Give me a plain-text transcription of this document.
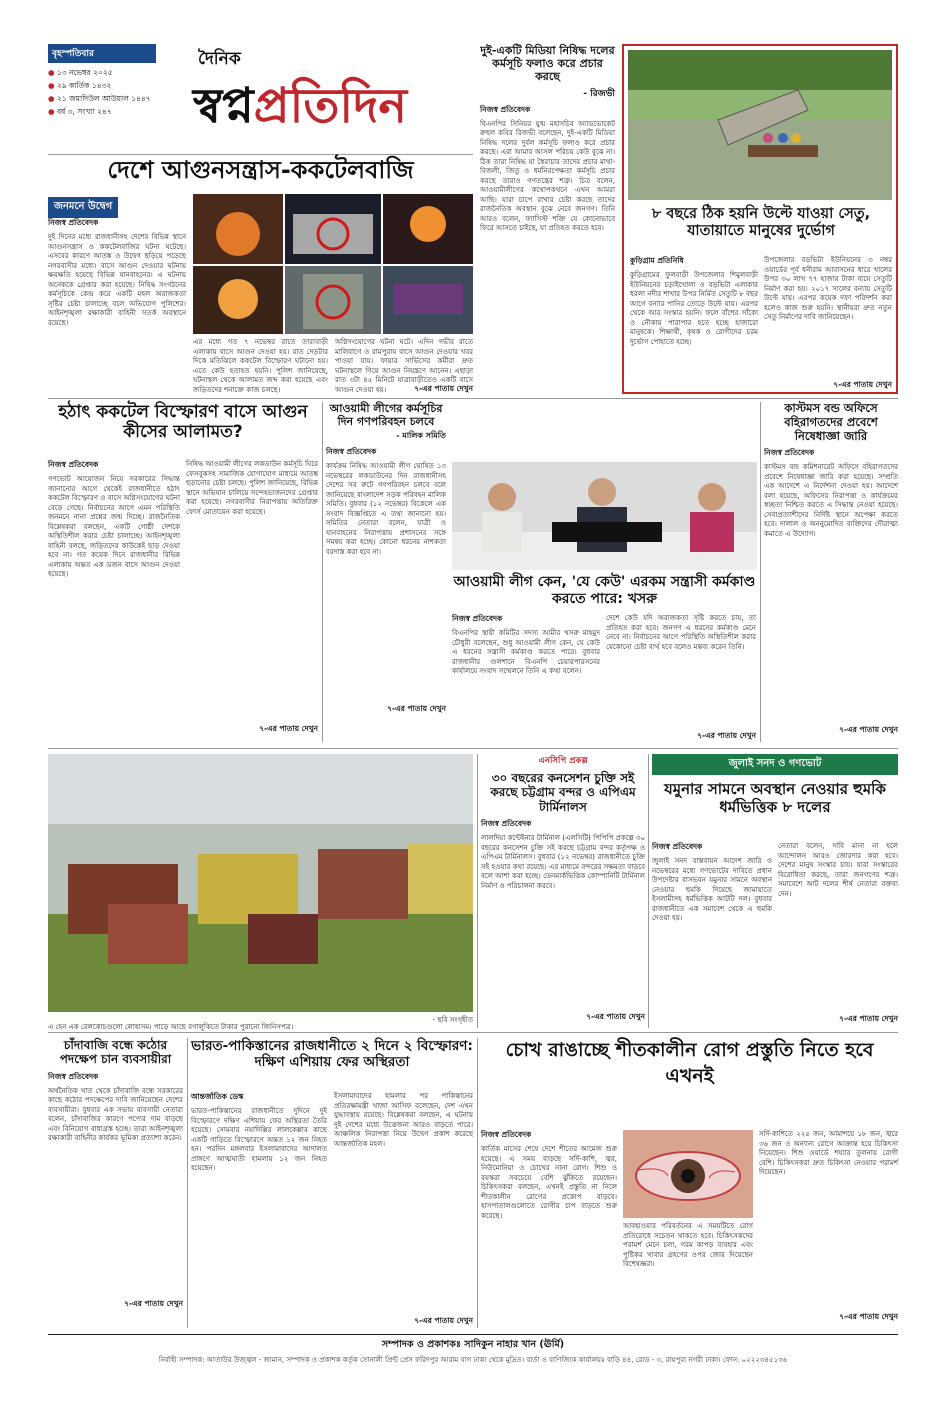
বৃহস্পতিবার
● ১৩ নভেম্বর ২০২৫
● ২৯ কার্তিক ১৪৩২
● ২১ জমাদিউল আউয়াল ১৪৪৭
● বর্ষ ৩, সংখ্যা ২৪৭
দৈনিক
স্বপ্নপ্রতিদিন
দুই-একটি মিডিয়া নিষিদ্ধ দলের কর্মসূচি ফলাও করে প্রচার করছে
- রিজভী
নিজস্ব প্রতিবেদক
বিএনপির সিনিয়র যুগ্ম মহাসচিব অ্যাডভোকেট রুহুল কবির রিজভী বলেছেন, দুই-একটি মিডিয়া নিষিদ্ধ দলের দুর্বল কর্মসূচি ফলাও করে প্রচার করছে। এরা আমার আসল পরিচয় কেউ বুঝে না। ঠিক তারা নিষিদ্ধ যা স্বৈরাচার তাদের প্রচার মাথা-বিজলী, জিতু ও ধর্মনিরপেক্ষতা কর্মসূচি প্রচার করছে তারাও গণতন্ত্রের শত্রু। চিত্র বলেন, আওয়ামীলীগের কথোপকথনে এখন আমরা আছি। যারা চাপে রাখার চেষ্টা করছে তাদের রাজনৈতিক অবস্থান বুঝে নেবে জনগণ। তিনি আরও বলেন, ফ্যাসিস্ট শক্তি যে কোনোভাবে ফিরে আসতে চাইছে, যা প্রতিহত করতে হবে।
৮ বছরে ঠিক হয়নি উল্টে যাওয়া সেতু, যাতায়াতে মানুষের দুর্ভোগ
কুড়িগ্রাম প্রতিনিধি
কুড়িগ্রামের ফুলবাড়ী উপজেলার শিমুলবাড়ী ইউনিয়নের চড়াইখোলা ও বড়ভিটা এলাকার ধরলা নদীর শাখার উপর নির্মিত সেতুটি ৮ বছর আগে বন্যার পানির তোড়ে উল্টে যায়। এরপর থেকে আর সংস্কার হয়নি। ফলে বাঁশের সাঁকো ও নৌকায় পারাপার হতে হচ্ছে হাজারো মানুষকে। শিক্ষার্থী, কৃষক ও রোগীদের চরম দুর্ভোগ পোহাতে হচ্ছে।
উপজেলার বড়ভিটা ইউনিয়নের ৩ নম্বর ওয়ার্ডের পূর্ব ধনীরাম আবাসনের ধারে খালের উপর ৩০ লাখ ৭৭ হাজার টাকা ব্যয়ে সেতুটি নির্মাণ করা হয়। ২০১৭ সালের বন্যায় সেতুটি উল্টে যায়। এরপর কয়েক দফা পরিদর্শন করা হলেও কাজ শুরু হয়নি। স্থানীয়রা দ্রুত নতুন সেতু নির্মাণের দাবি জানিয়েছেন।
৭-এর পাতায় দেখুন
দেশে আগুনসন্ত্রাস-ককটেলবাজি
জনমনে উদ্বেগ
নিজস্ব প্রতিবেদক
দুই দিনের মধ্যে রাজধানীসহ দেশের বিভিন্ন স্থানে আগুনসন্ত্রাস ও ককটেলবাজির ঘটনা ঘটেছে। এসবের কারণে আতঙ্ক ও উদ্বেগ ছড়িয়ে পড়েছে নগরবাসীর মধ্যে। বাসে আগুন দেওয়ার ঘটনায় ক্ষয়ক্ষতি হয়েছে বিভিন্ন যানবাহনের। এ ঘটনায় অনেককে গ্রেপ্তার করা হয়েছে। নিষিদ্ধ সংগঠনের কর্মসূচিকে কেন্দ্র করে একটি মহল অরাজকতা সৃষ্টির চেষ্টা চালাচ্ছে বলে অভিযোগ পুলিশের। আইনশৃঙ্খলা রক্ষাকারী বাহিনী সতর্ক অবস্থানে রয়েছে।
এর মধ্যে গত ৭ নভেম্বর রাতে তারাবাড়ী এলাকায় বাসে আগুন দেওয়া হয়। রাত দেড়টার দিকে মতিঝিলে ককটেল বিস্ফোরণ ঘটানো হয়। এতে কেউ হতাহত হয়নি। পুলিশ জানিয়েছে, ঘটনাস্থল থেকে আলামত জব্দ করা হয়েছে এবং জড়িতদের শনাক্তে কাজ চলছে।
অগ্নিসংযোগের ঘটনা ঘটে। এদিন গভীর রাতে মালিবাগে ও রামপুরায় বাসে আগুন দেওয়ার খবর পাওয়া যায়। ফায়ার সার্ভিসের কর্মীরা দ্রুত ঘটনাস্থলে গিয়ে আগুন নিয়ন্ত্রণে আনেন। এছাড়া রাত ৩টা ৪৫ মিনিটে যাত্রাবাড়ীতেও একটি বাসে আগুন দেওয়া হয়।	৭-এর পাতায় দেখুন
হঠাৎ ককটেল বিস্ফোরণ বাসে আগুন কীসের আলামত?
নিজস্ব প্রতিবেদক
গণভোট আয়োজন নিয়ে সরকারের সিদ্ধান্ত জানানোর আগে থেকেই রাজধানীতে হঠাৎ ককটেল বিস্ফোরণ ও বাসে অগ্নিসংযোগের ঘটনা বেড়ে গেছে। নির্বাচনের আগে এমন পরিস্থিতি জনমনে নানা প্রশ্নের জন্ম দিচ্ছে। রাজনৈতিক বিশ্লেষকরা বলছেন, একটি গোষ্ঠী দেশকে অস্থিতিশীল করার চেষ্টা চালাচ্ছে। আইনশৃঙ্খলা বাহিনী বলছে, জড়িতদের কাউকেই ছাড় দেওয়া হবে না। গত কয়েক দিনে রাজধানীর বিভিন্ন এলাকায় অন্তত এক ডজন বাসে আগুন দেওয়া হয়েছে।
নিষিদ্ধ আওয়ামী লীগের লকডাউন কর্মসূচি ঘিরে ফেসবুকসহ সামাজিক যোগাযোগ মাধ্যমে আতঙ্ক ছড়ানোর চেষ্টা চলছে। পুলিশ জানিয়েছে, বিভিন্ন স্থানে অভিযান চালিয়ে সন্দেহভাজনদের গ্রেপ্তার করা হয়েছে। নগরবাসীর নিরাপত্তায় অতিরিক্ত ফোর্স মোতায়েন করা হয়েছে।
৭-এর পাতায় দেখুন
আওয়ামী লীগের কর্মসূচির দিন গণপরিবহন চলবে
- মালিক সমিতি
নিজস্ব প্রতিবেদক
কার্যক্রম নিষিদ্ধ আওয়ামী লীগ ঘোষিত ১৩ নভেম্বরের লকডাউনের দিন রাজধানীসহ দেশের সব রুটে গণপরিবহন চলবে বলে জানিয়েছে বাংলাদেশ সড়ক পরিবহন মালিক সমিতি। বুধবার (১২ নভেম্বর) বিকেলে এক সংবাদ বিজ্ঞপ্তিতে এ তথ্য জানানো হয়। সমিতির নেতারা বলেন, যাত্রী ও যানবাহনের নিরাপত্তায় প্রশাসনের সঙ্গে সমন্বয় করা হচ্ছে। কোনো ধরনের নাশকতা বরদাস্ত করা হবে না।
৭-এর পাতায় দেখুন
আওয়ামী লীগ কেন, 'যে কেউ' এরকম সন্ত্রাসী কর্মকাণ্ড করতে পারে: খসরু
নিজস্ব প্রতিবেদক
বিএনপির স্থায়ী কমিটির সদস্য আমীর খসরু মাহমুদ চৌধুরী বলেছেন, শুধু আওয়ামী লীগ কেন, যে কেউ এ ধরনের সন্ত্রাসী কর্মকাণ্ড করতে পারে। বুধবার রাজধানীর গুলশানে বিএনপি চেয়ারপারসনের কার্যালয়ে সংবাদ সম্মেলনে তিনি এ কথা বলেন।
দেশে কেউ যদি অরাজকতা সৃষ্টি করতে চায়, তা প্রতিহত করা হবে। জনগণ এ ধরনের কর্মকাণ্ড মেনে নেবে না। নির্বাচনের আগে পরিস্থিতি অস্থিতিশীল করার যেকোনো চেষ্টা ব্যর্থ হবে বলেও মন্তব্য করেন তিনি।
৭-এর পাতায় দেখুন
কাস্টমস বন্ড অফিসে বহিরাগতদের প্রবেশে নিষেধাজ্ঞা জারি
নিজস্ব প্রতিবেদক
কাস্টমস বন্ড কমিশনারেট অফিসে বহিরাগতদের প্রবেশে নিষেধাজ্ঞা জারি করা হয়েছে। সম্প্রতি এক আদেশে এ নির্দেশনা দেওয়া হয়। আদেশে বলা হয়েছে, অফিসের নিরাপত্তা ও কার্যক্রমের স্বচ্ছতা নিশ্চিত করতে এ সিদ্ধান্ত নেওয়া হয়েছে। সেবাপ্রত্যাশীদের নির্দিষ্ট স্থানে অপেক্ষা করতে হবে। দালাল ও অননুমোদিত ব্যক্তিদের দৌরাত্ম্য কমাতে এ উদ্যোগ।
৭-এর পাতায় দেখুন
এ হেন এক রেলকোচগুলো লোহাসম। পাড়ে আছে বগালুকিতে টাকার পুরানো জিনিসপত্র।
- ছবি সংগৃহীত
এনসিপি প্রকল্প
৩০ বছরের কনসেশন চুক্তি সই করছে চট্টগ্রাম বন্দর ও এপিএম টার্মিনালস
নিজস্ব প্রতিবেদক
লালদিয়া কন্টেইনার টার্মিনাল (এলসিটি) পিপিপি প্রকল্পে ৩০ বছরের কনসেশন চুক্তি সই করছে চট্টগ্রাম বন্দর কর্তৃপক্ষ ও এপিএম টার্মিনালস। বুধবার (১২ নভেম্বর) রাজধানীতে চুক্তি সই হওয়ার কথা রয়েছে। এর মাধ্যমে বন্দরের সক্ষমতা বাড়বে বলে আশা করা হচ্ছে। ডেনমার্কভিত্তিক কোম্পানিটি টার্মিনাল নির্মাণ ও পরিচালনা করবে।
৭-এর পাতায় দেখুন
জুলাই সনদ ও গণভোট
যমুনার সামনে অবস্থান নেওয়ার হুমকি ধর্মভিত্তিক ৮ দলের
নিজস্ব প্রতিবেদক
জুলাই সনদ বাস্তবায়ন আদেশ জারি ও নভেম্বরের মধ্যে গণভোটের দাবিতে প্রধান উপদেষ্টার বাসভবন যমুনার সামনে অবস্থান নেওয়ার হুমকি দিয়েছে জামায়াতে ইসলামীসহ ধর্মভিত্তিক আটটি দল। বুধবার রাজধানীতে এক সমাবেশ থেকে এ হুমকি দেওয়া হয়।
নেতারা বলেন, দাবি মানা না হলে আন্দোলন আরও জোরদার করা হবে। দেশের মানুষ সংস্কার চায়। যারা সংস্কারের বিরোধিতা করছে, তারা জনগণের শত্রু। সমাবেশে আট দলের শীর্ষ নেতারা বক্তব্য দেন।
৭-এর পাতায় দেখুন
চাঁদাবাজি বন্ধে কঠোর পদক্ষেপ চান ব্যবসায়ীরা
নিজস্ব প্রতিবেদক
অর্থনৈতিক খাত থেকে চাঁদাবাজি বন্ধে সরকারের কাছে কঠোর পদক্ষেপের দাবি জানিয়েছেন দেশের ব্যবসায়ীরা। বুধবার এক সভায় ব্যবসায়ী নেতারা বলেন, চাঁদাবাজির কারণে পণ্যের দাম বাড়ছে এবং বিনিয়োগ বাধাগ্রস্ত হচ্ছে। তারা আইনশৃঙ্খলা রক্ষাকারী বাহিনীর কার্যকর ভূমিকা প্রত্যাশা করেন।
৭-এর পাতায় দেখুন
ভারত-পাকিস্তানের রাজধানীতে ২ দিনে ২ বিস্ফোরণ: দক্ষিণ এশিয়ায় ফের অস্থিরতা
আন্তর্জাতিক ডেস্ক
ভারত-পাকিস্তানের রাজধানীতে দুদিনে দুই বিস্ফোরণে দক্ষিণ এশিয়ায় ফের অস্থিরতা তৈরি হয়েছে। সোমবার নয়াদিল্লির লালকেল্লার কাছে একটি গাড়িতে বিস্ফোরণে অন্তত ১২ জন নিহত হন। পরদিন মঙ্গলবার ইসলামাবাদের আদালত প্রাঙ্গণে আত্মঘাতী হামলায় ১২ জন নিহত হয়েছেন।
ইসলামাবাদের হামলার পর পাকিস্তানের প্রতিরক্ষামন্ত্রী খাজা আসিফ বলেছেন, দেশ এখন যুদ্ধাবস্থায় রয়েছে। বিশ্লেষকরা বলছেন, এ ঘটনায় দুই দেশের মধ্যে উত্তেজনা আরও বাড়তে পারে। আঞ্চলিক নিরাপত্তা নিয়ে উদ্বেগ প্রকাশ করেছে আন্তর্জাতিক মহল।
৭-এর পাতায় দেখুন
চোখ রাঙাচ্ছে শীতকালীন রোগ প্রস্তুতি নিতে হবে এখনই
নিজস্ব প্রতিবেদক
কার্তিক মাসের শেষে দেশে শীতের আমেজ শুরু হয়েছে। এ সময় বাড়ছে সর্দি-কাশি, জ্বর, নিউমোনিয়া ও চোখের নানা রোগ। শিশু ও বয়স্করা সবচেয়ে বেশি ঝুঁকিতে রয়েছেন। চিকিৎসকরা বলছেন, এখনই প্রস্তুতি না নিলে শীতকালীন রোগের প্রকোপ বাড়বে। হাসপাতালগুলোতে রোগীর চাপ বাড়তে শুরু করেছে।
আবহাওয়ার পরিবর্তনের এ সময়টিতে রোগ প্রতিরোধে সচেতন থাকতে হবে। চিকিৎসকদের পরামর্শ মেনে চলা, গরম কাপড় ব্যবহার এবং পুষ্টিকর খাবার গ্রহণের ওপর জোর দিয়েছেন বিশেষজ্ঞরা।
সর্দি-কাশিতে ২২৫ জন, আমাশয়ে ১৮ জন, জ্বরে ৩৬ জন ও অন্যান্য রোগে আক্রান্ত হয়ে চিকিৎসা নিয়েছেন। শিশু ওয়ার্ডে শয্যার তুলনায় রোগী বেশি। চিকিৎসকরা দ্রুত চিকিৎসা নেওয়ার পরামর্শ দিয়েছেন।
৭-এর পাতায় দেখুন
সম্পাদক ও প্রকাশকঃ সাদিকুন নাহার খান (ঊর্মি)
নির্বাহী সম্পাদক: আতাউর উজ্জ্বল - জামান, সম্পাদক ও প্রকাশক কর্তৃক সোনালী প্রিন্ট প্রেস ফরিদপুর আরাম বাগ ঢাকা থেকে মুদ্রিত। বার্তা ও বাণিজ্যিক কার্যালয়ঃ বাড়ি ৪৪, রোড - ৩, রায়পুরা নগরী ঢাকা। ফোন: ০২২২৩৪৫১৩৬
